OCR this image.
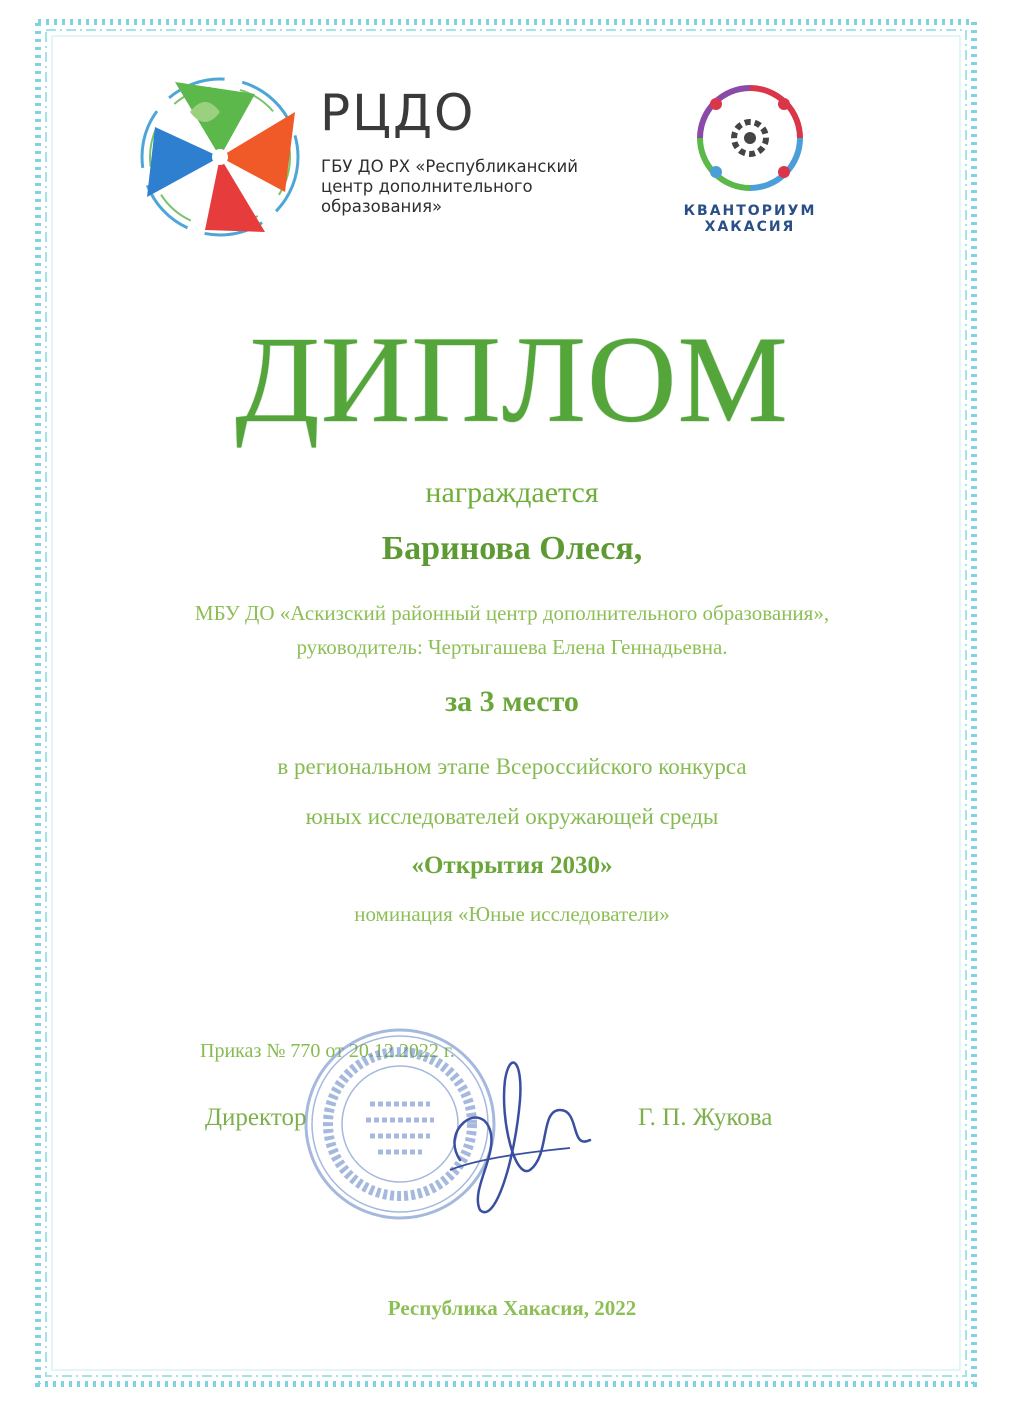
РЦДО
ГБУ ДО РХ «Республиканский
центр дополнительного
образования»	КВАНТОРИУМ
ХАКАСИЯ
ДИПЛОМ
награждается
Баринова Олеся,
МБУ ДО «Аскизский районный центр дополнительного образования»,
руководитель: Чертыгашева Елена Геннадьевна.
за 3 место
в региональном этапе Всероссийского конкурса
юных исследователей окружающей среды
«Открытия 2030»
номинация «Юные исследователи»
Приказ № 770 от 20.12.2022 г.
Директор	Г. П. Жукова
Республика Хакасия, 2022
